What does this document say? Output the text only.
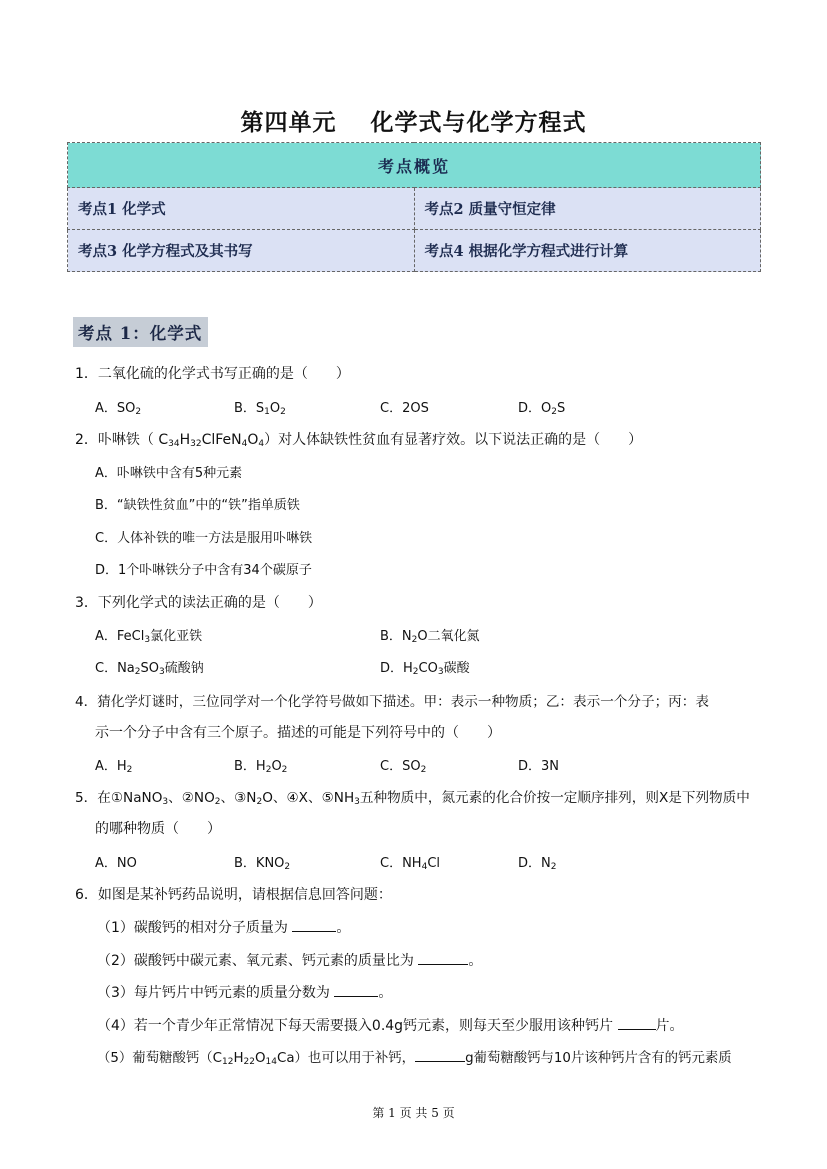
第四单元 化学式与化学方程式
考点概览	
考点1 化学式	考点2 质量守恒定律
考点3 化学方程式及其书写	考点4 根据化学方程式进行计算
考点 1：化学式
1．二氧化硫的化学式书写正确的是（　　）
A．$SO_2$	B．$S_1O_2$	C．2OS	D．$O_2S$
2．卟啉铁（ $C_{34}H_{32}ClFeN_4O_4$）对人体缺铁性贫血有显著疗效。以下说法正确的是（　　）
A．卟啉铁中含有5种元素
B．“缺铁性贫血”中的“铁”指单质铁
C．人体补铁的唯一方法是服用卟啉铁
D．1个卟啉铁分子中含有34个碳原子
3．下列化学式的读法正确的是（　　）
A．FeCl$_3$氯化亚铁	B．$N_2O$二氧化氮
C．$Na_2SO_3$硫酸钠	D．$H_2CO_3$碳酸
4．猜化学灯谜时，三位同学对一个化学符号做如下描述。甲：表示一种物质；乙：表示一个分子；丙：表
示一个分子中含有三个原子。描述的可能是下列符号中的（　　）
A．$H_2$	B．$H_2O_2$	C．$SO_2$	D．3N
5．在①NaNO$_3$、$②NO_2$、$③N_2O$、④X、$⑤NH_3$五种物质中，氮元素的化合价按一定顺序排列，则X是下列物质中
的哪种物质（　　）
A．NO	B．$KNO_2$	C．$NH_4Cl$	D．$N_2$
6．如图是某补钙药品说明，请根据信息回答问题：
（1）碳酸钙的相对分子质量为	。
（2）碳酸钙中碳元素、氧元素、钙元素的质量比为	。
（3）每片钙片中钙元素的质量分数为	。
（4）若一个青少年正常情况下每天需要摄入0.4g钙元素，则每天至少服用该种钙片	片。
（5）葡萄糖酸钙$(C_{12}H_{22}O_{14}Ca)$也可以用于补钙，	g葡萄糖酸钙与10片该种钙片含有的钙元素质
第 1 页 共 5 页
